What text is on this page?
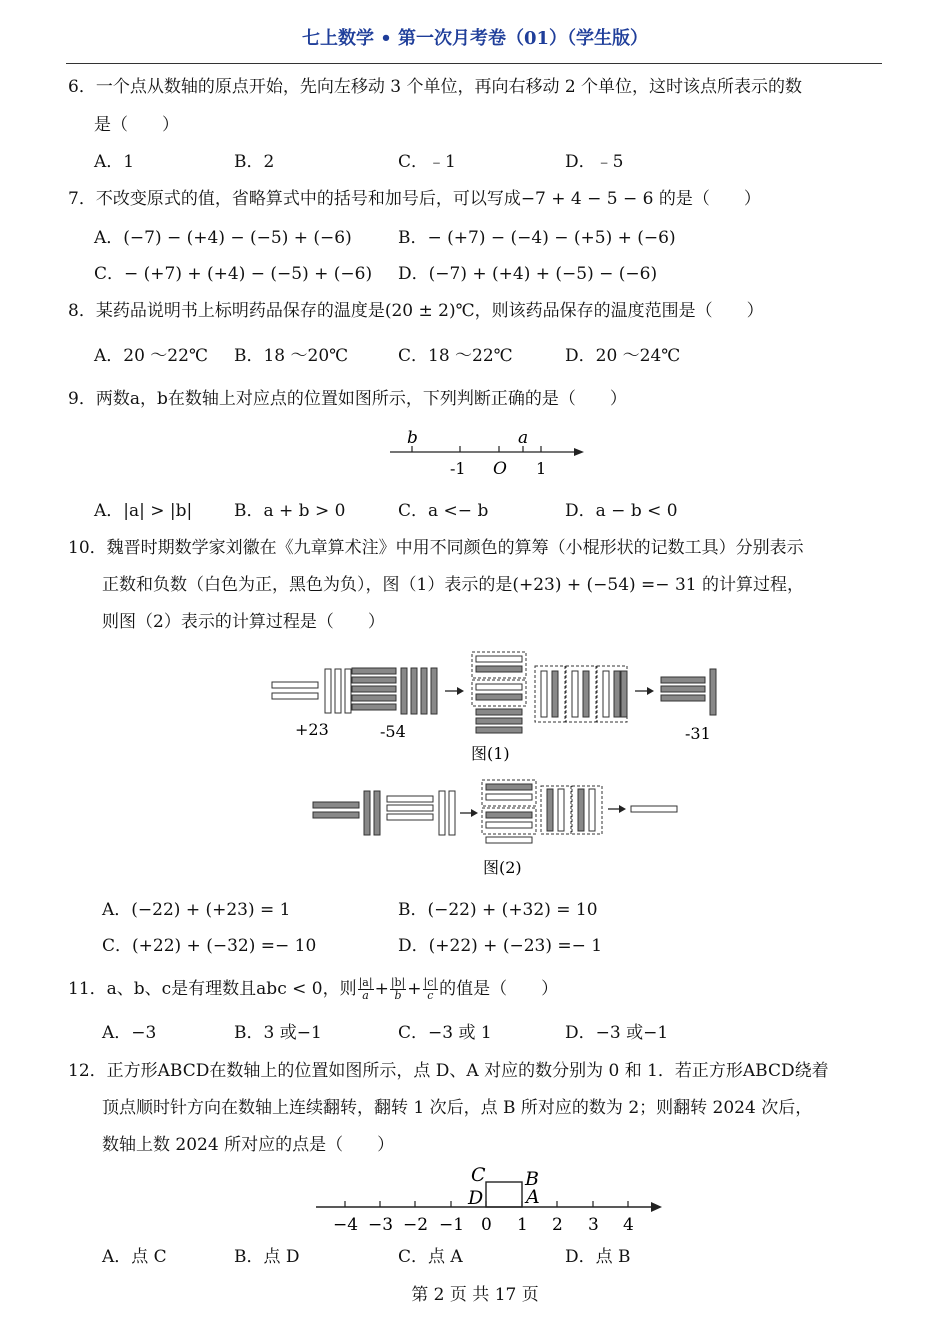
七上数学 • 第一次月考卷（01）（学生版）
6．一个点从数轴的原点开始，先向左移动 3 个单位，再向右移动 2 个单位，这时该点所表示的数
是（　　）
A．1	B．2	C．﹣1	D．﹣5
7．不改变原式的值，省略算式中的括号和加号后，可以写成−7 + 4 − 5 − 6 的是（　　）
A．(−7) − (+4) − (−5) + (−6)	B．− (+7) − (−4) − (+5) + (−6)
C．− (+7) + (+4) − (−5) + (−6) D．(−7) + (+4) + (−5) − (−6)
8．某药品说明书上标明药品保存的温度是(20 ± 2)℃，则该药品保存的温度范围是（　　）
A．20 ～22℃ B．18 ～20℃	C．18 ～22℃	D．20 ～24℃
9．两数a，b在数轴上对应点的位置如图所示，下列判断正确的是（　　）
b	a
-1 O 1
A．|a| > |b| B．a + b > 0	C．a <− b	D．a − b < 0
10．魏晋时期数学家刘徽在《九章算术注》中用不同颜色的算筹（小棍形状的记数工具）分别表示
正数和负数（白色为正，黑色为负），图（1）表示的是(+23) + (−54) =− 31 的计算过程，
则图（2）表示的计算过程是（　　）
+23	-54	-31
图(1)
图(2)
A．(−22) + (+23) = 1	B．(−22) + (+32) = 10
C．(+22) + (−32) =− 10	D．(+22) + (−23) =− 1
11．a、b、c是有理数且abc < 0，则 $\frac{|a|}{a} + \frac{|b|}{b} + \frac{|c|}{c}$ 的值是（　　）
A．−3	B．3 或−1	C．−3 或 1	D．−3 或−1
12．正方形ABCD在数轴上的位置如图所示，点 D、A 对应的数分别为 0 和 1．若正方形ABCD绕着
顶点顺时针方向在数轴上连续翻转，翻转 1 次后，点 B 所对应的数为 2；则翻转 2024 次后，
数轴上数 2024 所对应的点是（　　）
C B
D A
−4 −3 −2 −1 0 1 2 3 4
A．点 C	B．点 D	C．点 A	D．点 B
第 2 页 共 17 页
